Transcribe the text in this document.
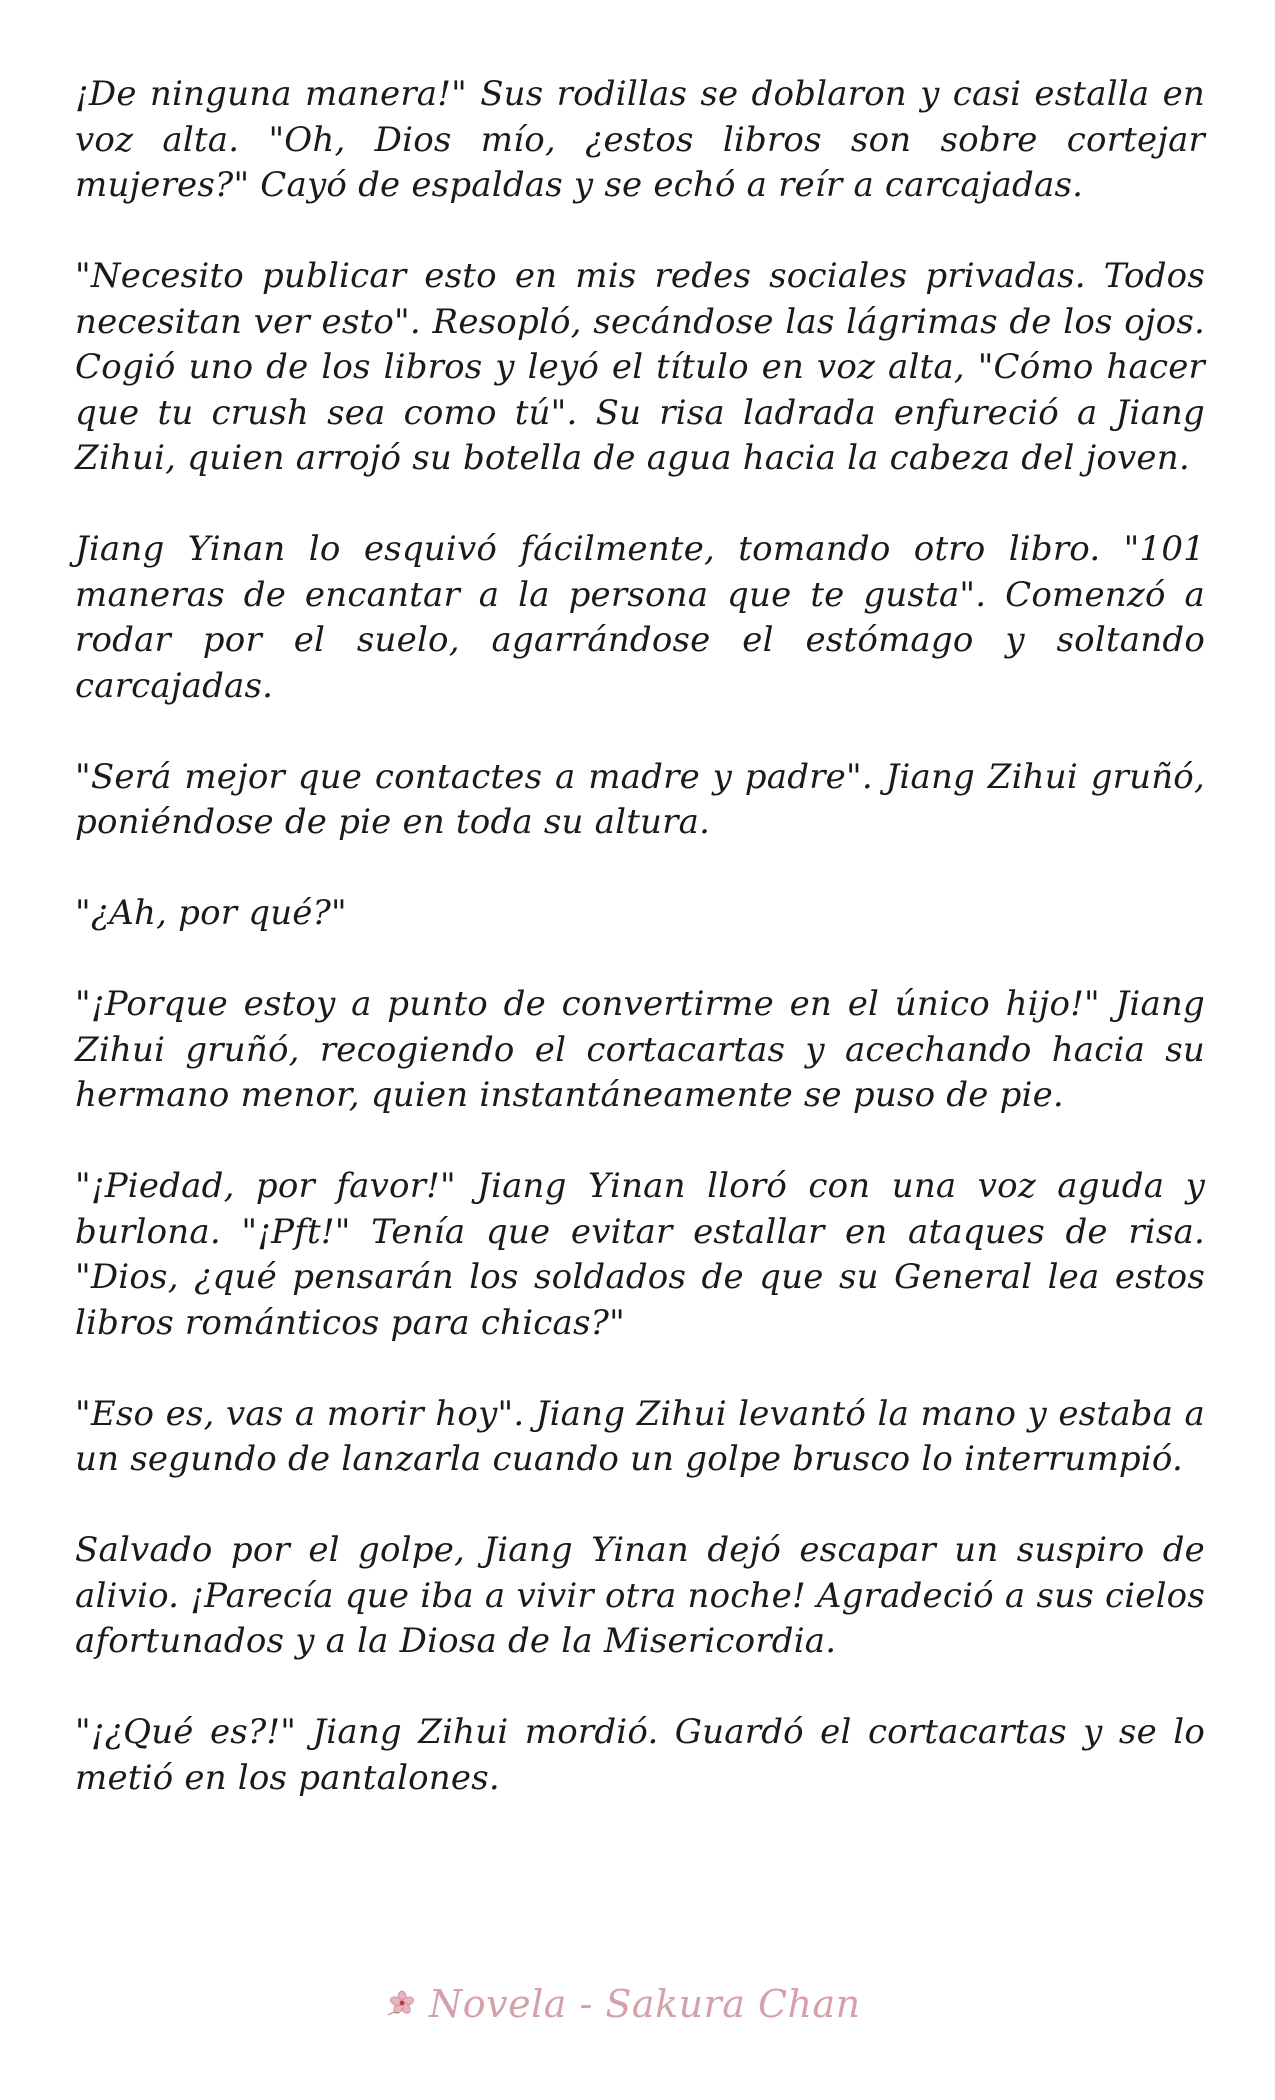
¡De ninguna manera!" Sus rodillas se doblaron y casi estalla en voz alta. "Oh, Dios mío, ¿estos libros son sobre cortejar mujeres?" Cayó de espaldas y se echó a reír a carcajadas.

"Necesito publicar esto en mis redes sociales privadas. Todos necesitan ver esto". Resopló, secándose las lágrimas de los ojos. Cogió uno de los libros y leyó el título en voz alta, "Cómo hacer que tu crush sea como tú". Su risa ladrada enfureció a Jiang Zihui, quien arrojó su botella de agua hacia la cabeza del joven.

Jiang Yinan lo esquivó fácilmente, tomando otro libro. "101 maneras de encantar a la persona que te gusta". Comenzó a rodar por el suelo, agarrándose el estómago y soltando carcajadas.

"Será mejor que contactes a madre y padre". Jiang Zihui gruñó, poniéndose de pie en toda su altura.

"¿Ah, por qué?"

"¡Porque estoy a punto de convertirme en el único hijo!" Jiang Zihui gruñó, recogiendo el cortacartas y acechando hacia su hermano menor, quien instantáneamente se puso de pie.

"¡Piedad, por favor!" Jiang Yinan lloró con una voz aguda y burlona. "¡Pft!" Tenía que evitar estallar en ataques de risa. "Dios, ¿qué pensarán los soldados de que su General lea estos libros románticos para chicas?"

"Eso es, vas a morir hoy". Jiang Zihui levantó la mano y estaba a un segundo de lanzarla cuando un golpe brusco lo interrumpió.

Salvado por el golpe, Jiang Yinan dejó escapar un suspiro de alivio. ¡Parecía que iba a vivir otra noche! Agradeció a sus cielos afortunados y a la Diosa de la Misericordia.

"¡¿Qué es?!" Jiang Zihui mordió. Guardó el cortacartas y se lo metió en los pantalones.

Novela - Sakura Chan
